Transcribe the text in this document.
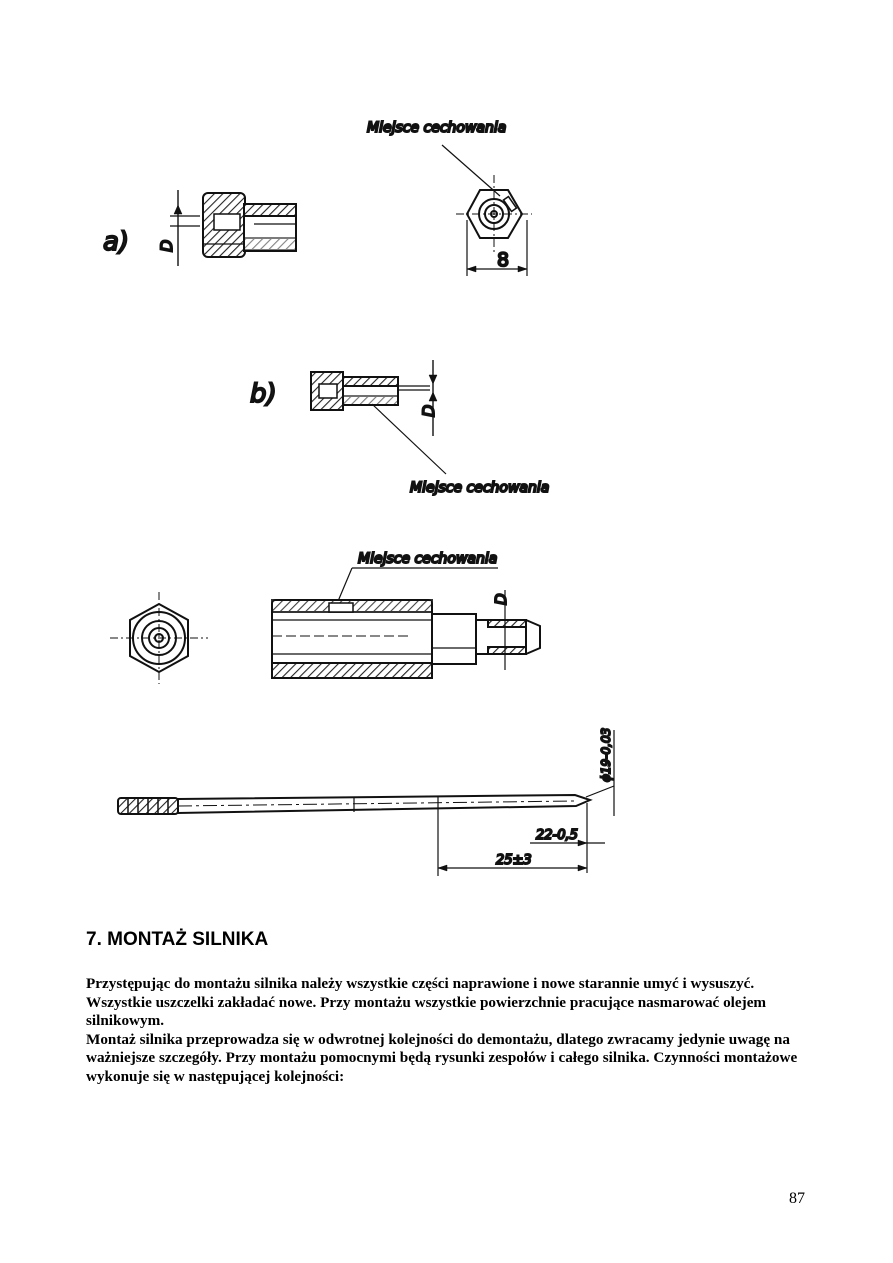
a) D
Miejsce cechowania
8
b)
D
Miejsce cechowania
Miejsce cechowania
D
ϕ19-0,03
22-0,5
25±3
7. MONTAŻ SILNIKA

Przystępując do montażu silnika należy wszystkie części naprawione i nowe starannie umyć i wysuszyć. Wszystkie uszczelki zakładać nowe. Przy montażu wszystkie powierzchnie pracujące nasmarować olejem silnikowym.

Montaż silnika przeprowadza się w odwrotnej kolejności do demontażu, dlatego zwracamy jedynie uwagę na ważniejsze szczegóły. Przy montażu pomocnymi będą rysunki zespołów i całego silnika. Czynności montażowe wykonuje się w następującej kolejności:

87
